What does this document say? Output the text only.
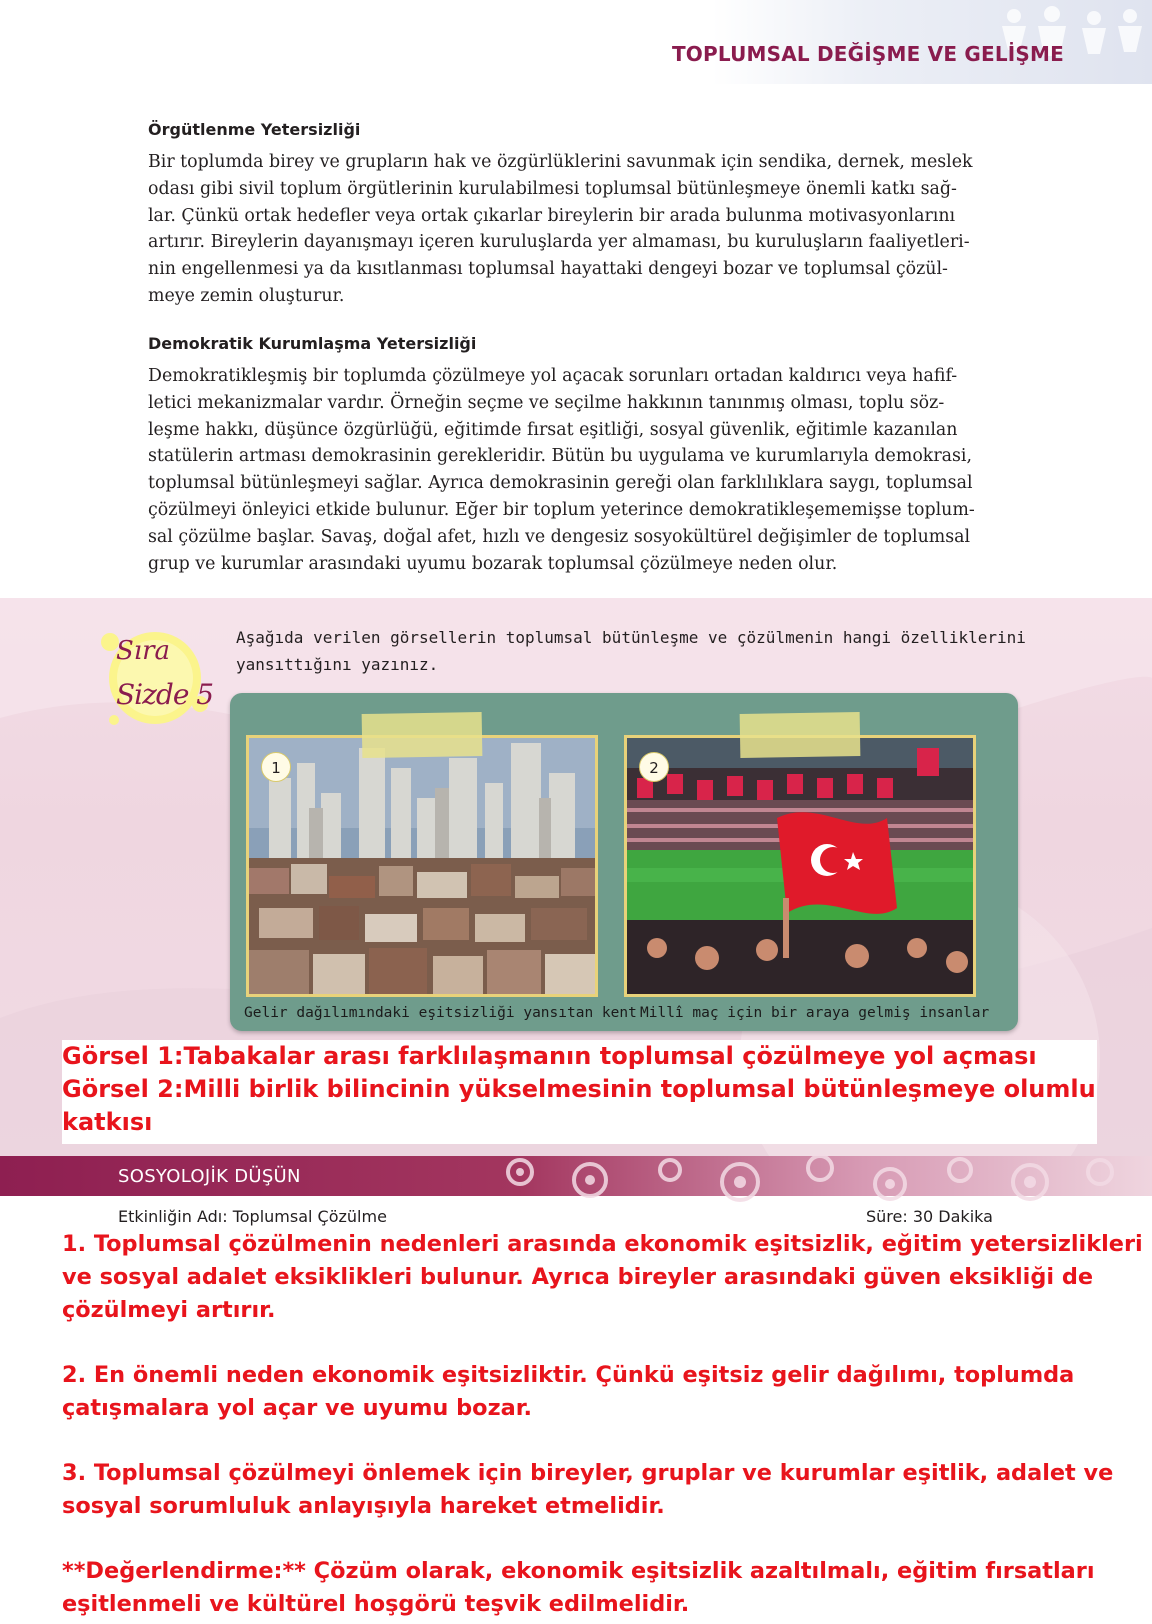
TOPLUMSAL DEĞİŞME VE GELİŞME
Örgütlenme Yetersizliği
Bir toplumda birey ve grupların hak ve özgürlüklerini savunmak için sendika, dernek, meslek
odası gibi sivil toplum örgütlerinin kurulabilmesi toplumsal bütünleşmeye önemli katkı sağ-
lar. Çünkü ortak hedefler veya ortak çıkarlar bireylerin bir arada bulunma motivasyonlarını
artırır. Bireylerin dayanışmayı içeren kuruluşlarda yer almaması, bu kuruluşların faaliyetleri-
nin engellenmesi ya da kısıtlanması toplumsal hayattaki dengeyi bozar ve toplumsal çözül-
meye zemin oluşturur.
Demokratik Kurumlaşma Yetersizliği
Demokratikleşmiş bir toplumda çözülmeye yol açacak sorunları ortadan kaldırıcı veya hafif-
letici mekanizmalar vardır. Örneğin seçme ve seçilme hakkının tanınmış olması, toplu söz-
leşme hakkı, düşünce özgürlüğü, eğitimde fırsat eşitliği, sosyal güvenlik, eğitimle kazanılan
statülerin artması demokrasinin gerekleridir. Bütün bu uygulama ve kurumlarıyla demokrasi,
toplumsal bütünleşmeyi sağlar. Ayrıca demokrasinin gereği olan farklılıklara saygı, toplumsal
çözülmeyi önleyici etkide bulunur. Eğer bir toplum yeterince demokratikleşememişse toplum-
sal çözülme başlar. Savaş, doğal afet, hızlı ve dengesiz sosyokültürel değişimler de toplumsal
grup ve kurumlar arasındaki uyumu bozarak toplumsal çözülmeye neden olur.
Sıra
Sizde 5
Aşağıda verilen görsellerin toplumsal bütünleşme ve çözülmenin hangi özelliklerini
yansıttığını yazınız.
1	2
Gelir dağılımındaki eşitsizliği yansıtan kent Millî maç için bir araya gelmiş insanlar
Görsel 1:Tabakalar arası farklılaşmanın toplumsal çözülmeye yol açması
Görsel 2:Milli birlik bilincinin yükselmesinin toplumsal bütünleşmeye olumlu
katkısı
SOSYOLOJİK DÜŞÜN
Etkinliğin Adı: Toplumsal Çözülme	Süre: 30 Dakika
1. Toplumsal çözülmenin nedenleri arasında ekonomik eşitsizlik, eğitim yetersizlikleri
ve sosyal adalet eksiklikleri bulunur. Ayrıca bireyler arasındaki güven eksikliği de
çözülmeyi artırır.
2. En önemli neden ekonomik eşitsizliktir. Çünkü eşitsiz gelir dağılımı, toplumda
çatışmalara yol açar ve uyumu bozar.
3. Toplumsal çözülmeyi önlemek için bireyler, gruplar ve kurumlar eşitlik, adalet ve
sosyal sorumluluk anlayışıyla hareket etmelidir.
**Değerlendirme:** Çözüm olarak, ekonomik eşitsizlik azaltılmalı, eğitim fırsatları
eşitlenmeli ve kültürel hoşgörü teşvik edilmelidir.
